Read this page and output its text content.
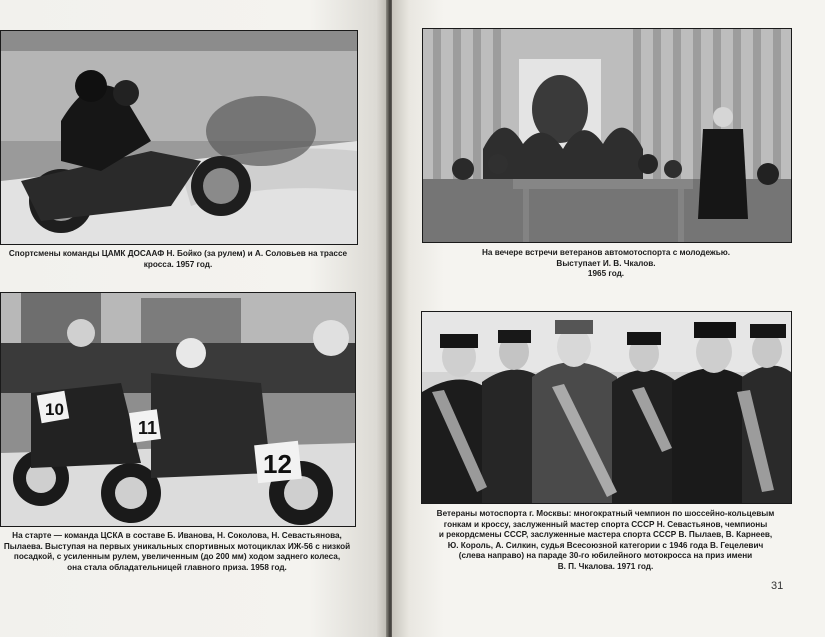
Спортсмены команды ЦАМК ДОСААФ Н. Бойко (за рулем) и А. Соловьев на трассе
кросса. 1957 год.
10
11
12
На старте — команда ЦСКА в составе Б. Иванова, Н. Соколова, Н. Севастьянова,
Пылаева. Выступая на первых уникальных спортивных мотоциклах ИЖ-56 с низкой
посадкой, с усиленным рулем, увеличенным (до 200 мм) ходом заднего колеса,
она стала обладательницей главного приза. 1958 год.
На вечере встречи ветеранов автомотоспорта с молодежью.
Выступает И. В. Чкалов.
1965 год.
Ветераны мотоспорта г. Москвы: многократный чемпион по шоссейно-кольцевым
гонкам и кроссу, заслуженный мастер спорта СССР Н. Севастьянов, чемпионы
и рекордсмены СССР, заслуженные мастера спорта СССР В. Пылаев, В. Карнеев,
Ю. Король, А. Силкин, судья Всесоюзной категории с 1946 года В. Гецелевич
(слева направо) на параде 30-го юбилейного мотокросса на приз имени
В. П. Чкалова. 1971 год.
31
